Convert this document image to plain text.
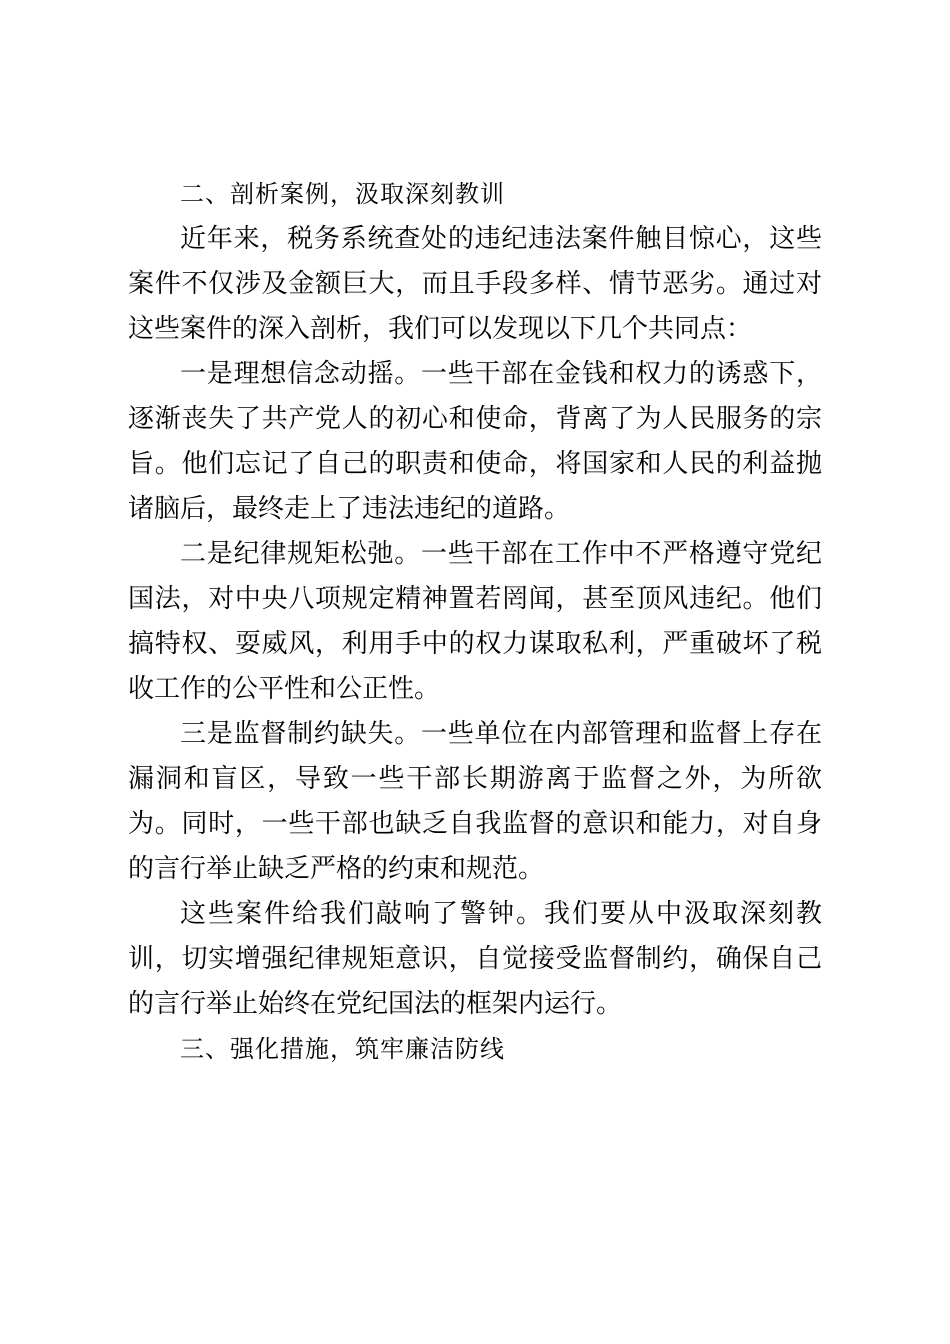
二、剖析案例，汲取深刻教训

近年来，税务系统查处的违纪违法案件触目惊心，这些案件不仅涉及金额巨大，而且手段多样、情节恶劣。通过对这些案件的深入剖析，我们可以发现以下几个共同点：

一是理想信念动摇。一些干部在金钱和权力的诱惑下，逐渐丧失了共产党人的初心和使命，背离了为人民服务的宗旨。他们忘记了自己的职责和使命，将国家和人民的利益抛诸脑后，最终走上了违法违纪的道路。

二是纪律规矩松弛。一些干部在工作中不严格遵守党纪国法，对中央八项规定精神置若罔闻，甚至顶风违纪。他们搞特权、耍威风，利用手中的权力谋取私利，严重破坏了税收工作的公平性和公正性。

三是监督制约缺失。一些单位在内部管理和监督上存在漏洞和盲区，导致一些干部长期游离于监督之外，为所欲为。同时，一些干部也缺乏自我监督的意识和能力，对自身的言行举止缺乏严格的约束和规范。

这些案件给我们敲响了警钟。我们要从中汲取深刻教训，切实增强纪律规矩意识，自觉接受监督制约，确保自己的言行举止始终在党纪国法的框架内运行。

三、强化措施，筑牢廉洁防线
